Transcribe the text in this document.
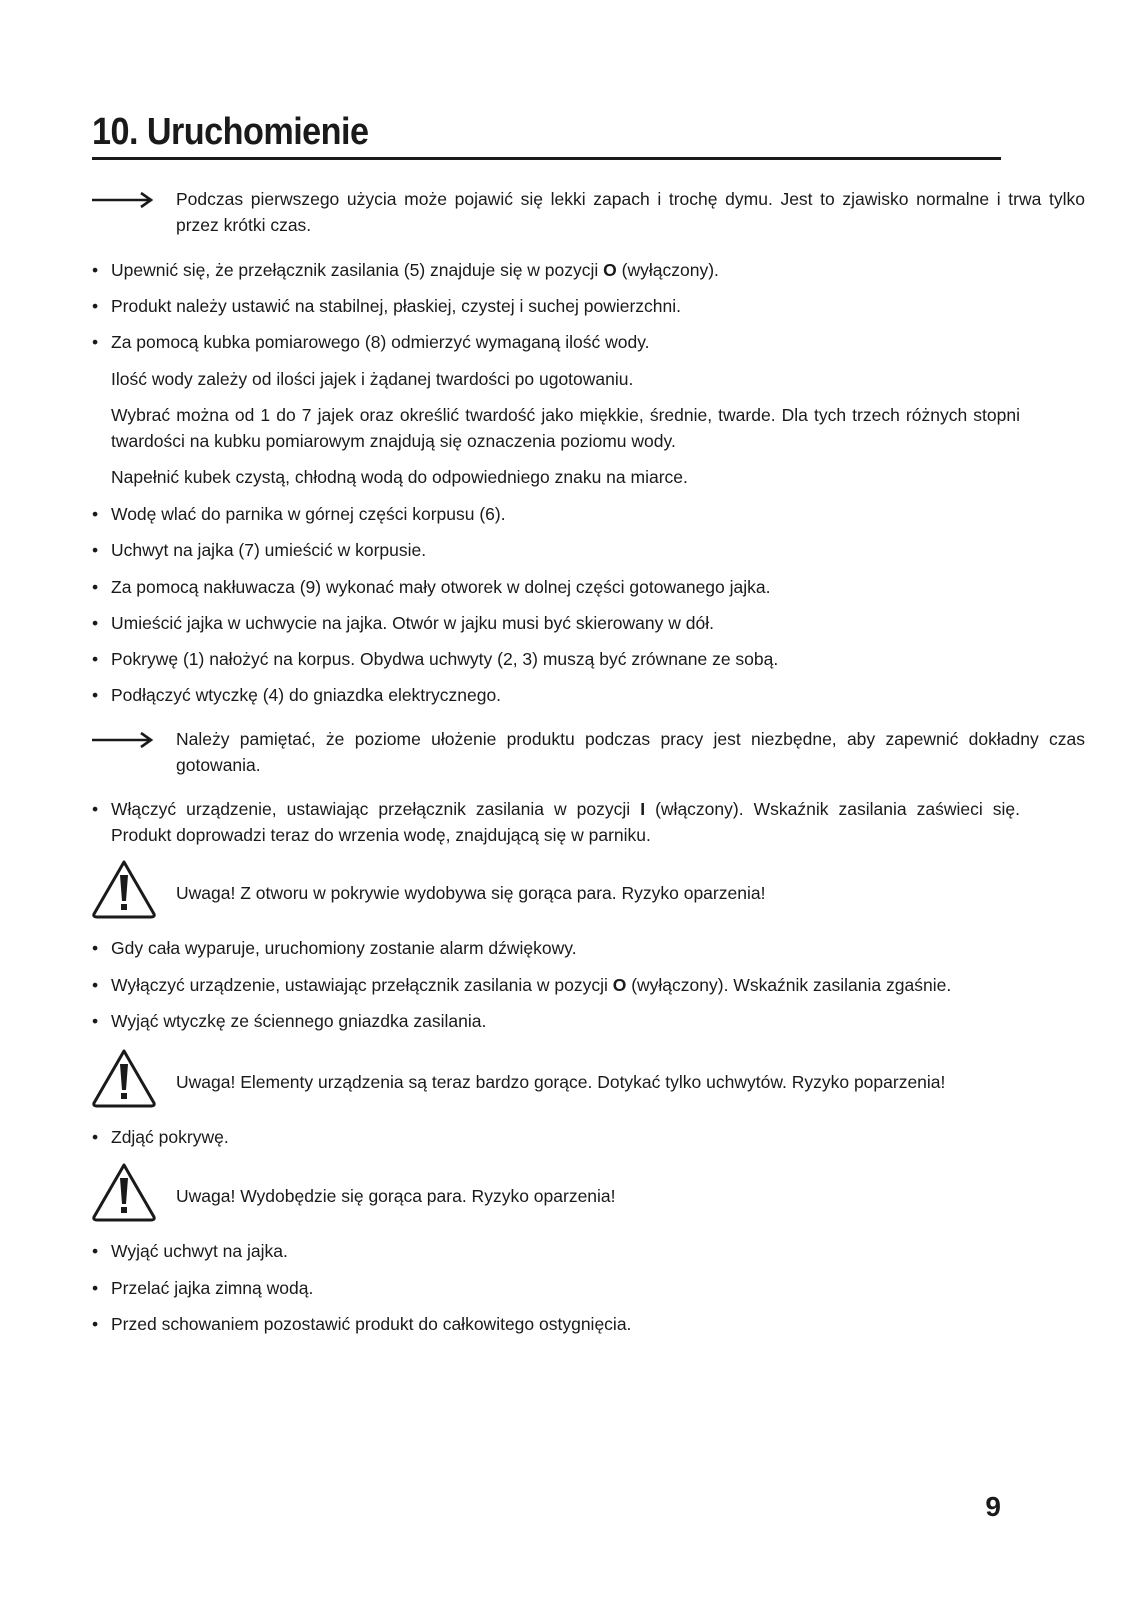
10. Uruchomienie
Podczas pierwszego użycia może pojawić się lekki zapach i trochę dymu. Jest to zjawisko normalne i trwa tylko przez krótki czas.
• Upewnić się, że przełącznik zasilania (5) znajduje się w pozycji O (wyłączony).
• Produkt należy ustawić na stabilnej, płaskiej, czystej i suchej powierzchni.
• Za pomocą kubka pomiarowego (8) odmierzyć wymaganą ilość wody.
Ilość wody zależy od ilości jajek i żądanej twardości po ugotowaniu.
Wybrać można od 1 do 7 jajek oraz określić twardość jako miękkie, średnie, twarde. Dla tych trzech różnych stopni twardości na kubku pomiarowym znajdują się oznaczenia poziomu wody.
Napełnić kubek czystą, chłodną wodą do odpowiedniego znaku na miarce.
• Wodę wlać do parnika w górnej części korpusu (6).
• Uchwyt na jajka (7) umieścić w korpusie.
• Za pomocą nakłuwacza (9) wykonać mały otworek w dolnej części gotowanego jajka.
• Umieścić jajka w uchwycie na jajka. Otwór w jajku musi być skierowany w dół.
• Pokrywę (1) nałożyć na korpus. Obydwa uchwyty (2, 3) muszą być zrównane ze sobą.
• Podłączyć wtyczkę (4) do gniazdka elektrycznego.
Należy pamiętać, że poziome ułożenie produktu podczas pracy jest niezbędne, aby zapewnić dokładny czas gotowania.
• Włączyć urządzenie, ustawiając przełącznik zasilania w pozycji I (włączony). Wskaźnik zasilania zaświeci się. Produkt doprowadzi teraz do wrzenia wodę, znajdującą się w parniku.
Uwaga! Z otworu w pokrywie wydobywa się gorąca para. Ryzyko oparzenia!
• Gdy cała wyparuje, uruchomiony zostanie alarm dźwiękowy.
• Wyłączyć urządzenie, ustawiając przełącznik zasilania w pozycji O (wyłączony). Wskaźnik zasilania zgaśnie.
• Wyjąć wtyczkę ze ściennego gniazdka zasilania.
Uwaga! Elementy urządzenia są teraz bardzo gorące. Dotykać tylko uchwytów. Ryzyko poparzenia!
• Zdjąć pokrywę.
Uwaga! Wydobędzie się gorąca para. Ryzyko oparzenia!
• Wyjąć uchwyt na jajka.
• Przelać jajka zimną wodą.
• Przed schowaniem pozostawić produkt do całkowitego ostygnięcia.
9
